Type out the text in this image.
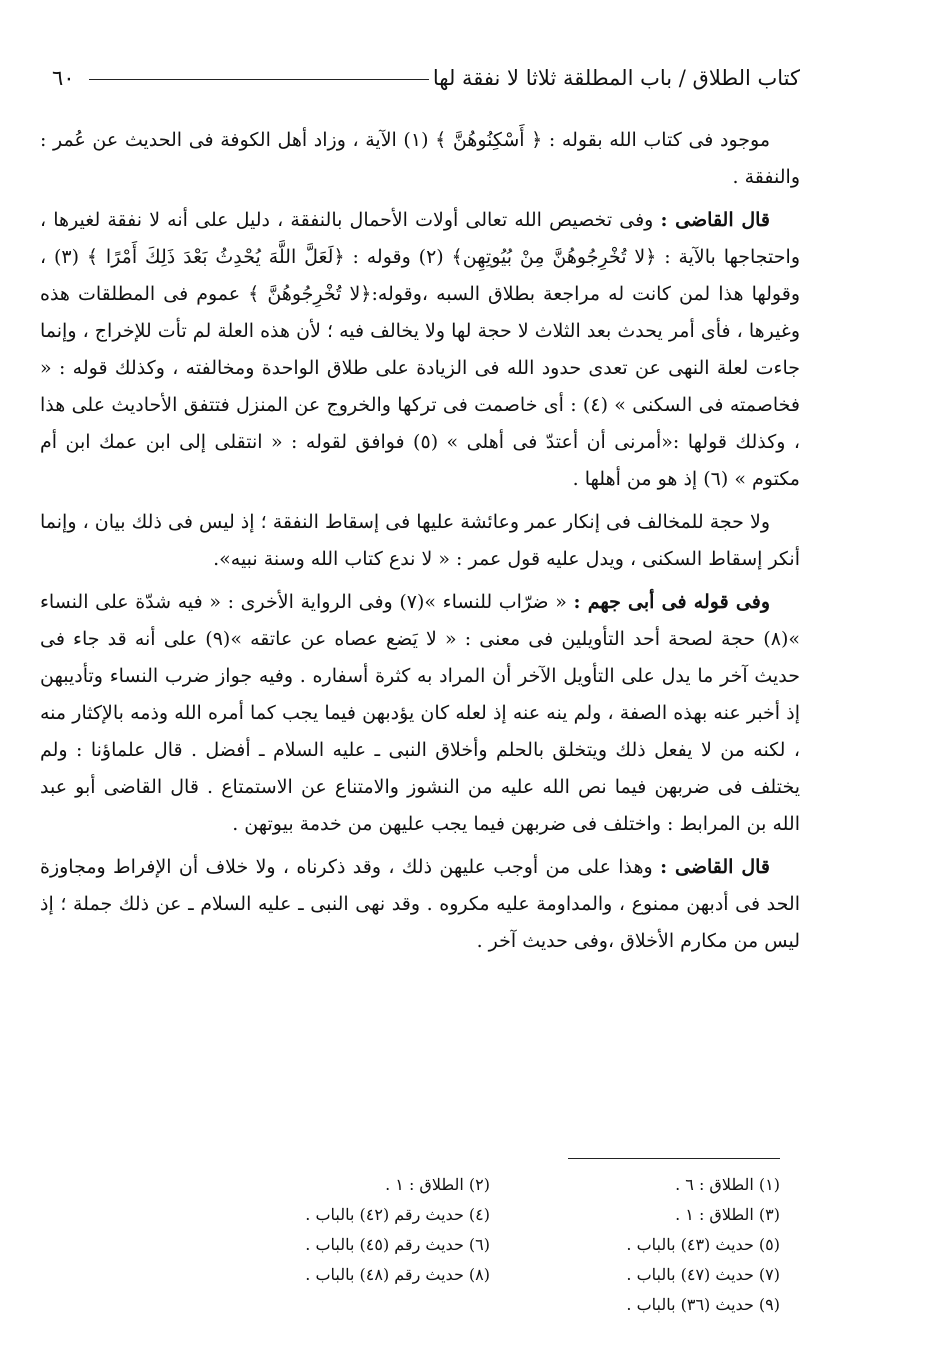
كتاب الطلاق / باب المطلقة ثلاثا لا نفقة لها
٦٠

موجود فى كتاب الله بقوله : ﴿ أَسْكِنُوهُنَّ ﴾ (١) الآية ، وزاد أهل الكوفة فى الحديث عن عُمر : والنفقة .

قال القاضى : وفى تخصيص الله تعالى أولات الأحمال بالنفقة ، دليل على أنه لا نفقة لغيرها ، واحتجاجها بالآية : ﴿لا تُخْرِجُوهُنَّ مِنْ بُيُوتِهِن﴾ (٢) وقوله : ﴿لَعَلَّ اللَّهَ يُحْدِثُ بَعْدَ ذَلِكَ أَمْرًا ﴾ (٣) ، وقولها هذا لمن كانت له مراجعة بطلاق السبه ،وقوله:﴿لا تُخْرِجُوهُنَّ ﴾ عموم فى المطلقات هذه وغيرها ، فأى أمر يحدث بعد الثلاث لا حجة لها ولا يخالف فيه ؛ لأن هذه العلة لم تأت للإخراج ، وإنما جاءت لعلة النهى عن تعدى حدود الله فى الزيادة على طلاق الواحدة ومخالفته ، وكذلك قوله : « فخاصمته فى السكنى » (٤) : أى خاصمت فى تركها والخروج عن المنزل فتتفق الأحاديث على هذا ، وكذلك قولها :«أمرنى أن أعتدّ فى أهلى » (٥) فوافق لقوله : « انتقلى إلى ابن عمك ابن أم مكتوم » (٦) إذ هو من أهلها .

ولا حجة للمخالف فى إنكار عمر وعائشة عليها فى إسقاط النفقة ؛ إذ ليس فى ذلك بيان ، وإنما أنكر إسقاط السكنى ، ويدل عليه قول عمر : « لا ندع كتاب الله وسنة نبيه».

وفى قوله فى أبى جهم : « ضرّاب للنساء »(٧) وفى الرواية الأخرى : « فيه شدّة على النساء »(٨) حجة لصحة أحد التأويلين فى معنى : « لا يَضع عصاه عن عاتقه »(٩) على أنه قد جاء فى حديث آخر ما يدل على التأويل الآخر أن المراد به كثرة أسفاره . وفيه جواز ضرب النساء وتأديبهن إذ أخبر عنه بهذه الصفة ، ولم ينه عنه إذ لعله كان يؤدبهن فيما يجب كما أمره الله وذمه بالإكثار منه ، لكنه من لا يفعل ذلك ويتخلق بالحلم وأخلاق النبى ـ عليه السلام ـ أفضل . قال علماؤنا : ولم يختلف فى ضربهن فيما نص الله عليه من النشوز والامتناع عن الاستمتاع . قال القاضى أبو عبد الله بن المرابط : واختلف فى ضربهن فيما يجب عليهن من خدمة بيوتهن .

قال القاضى : وهذا على من أوجب عليهن ذلك ، وقد ذكرناه ، ولا خلاف أن الإفراط ومجاوزة الحد فى أدبهن ممنوع ، والمداومة عليه مكروه . وقد نهى النبى ـ عليه السلام ـ عن ذلك جملة ؛ إذ ليس من مكارم الأخلاق ،وفى حديث آخر .

(١) الطلاق : ٦ .
(٣) الطلاق : ١ .
(٥) حديث (٤٣) بالباب .
(٧) حديث (٤٧) بالباب .
(٩) حديث (٣٦) بالباب .
(٢) الطلاق : ١ .
(٤) حديث رقم (٤٢) بالباب .
(٦) حديث رقم (٤٥) بالباب .
(٨) حديث رقم (٤٨) بالباب .
